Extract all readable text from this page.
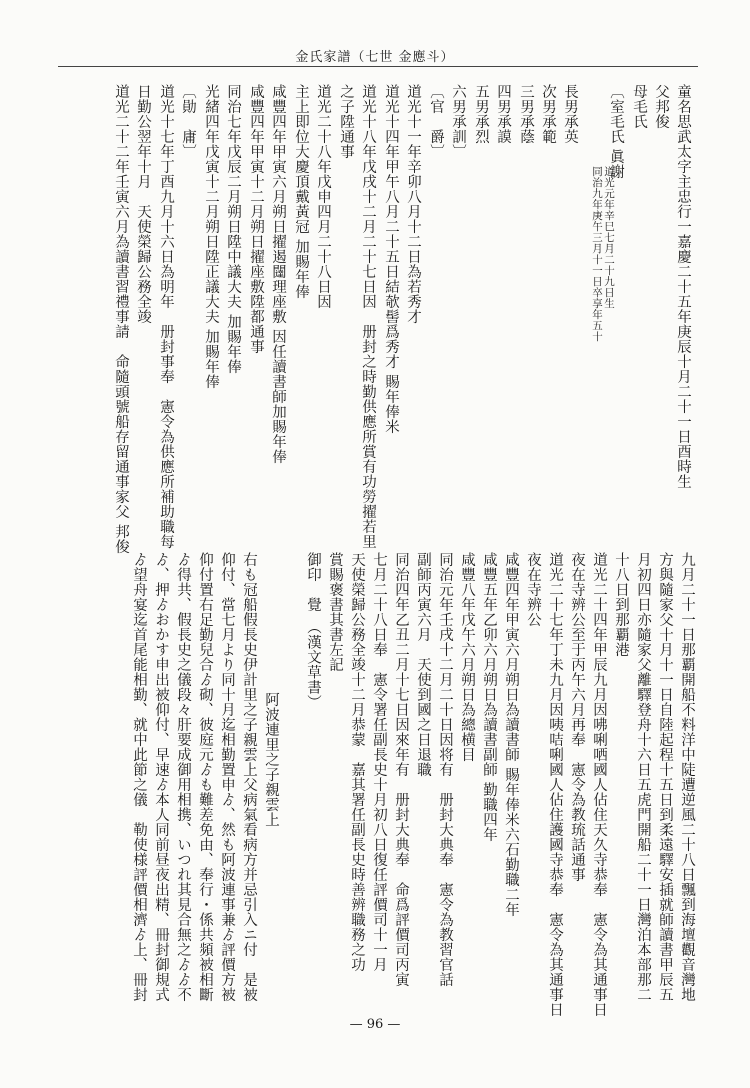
金氏家譜（七世 金應斗）
童名思武太字主忠行一嘉慶二十五年庚辰十月二十一日酉時生
父邦俊
母毛氏
〔室毛氏 眞謝
道光元年辛巳七月二十九日生
同治九年庚午三月十一日卒享年五十
長男承英
次男承範
三男承蔭
四男承謨
五男承烈
六男承訓〕
〔官　爵〕
道光十一年辛卯八月十二日為若秀才
道光十四年甲午八月二十五日結欹髻爲秀才 賜年俸米
道光十八年戊戌十二月二十七日因　册封之時勤供應所賞有功勞擢若里
之子陞通事
道光二十八年戊申四月二十八日因
主上即位大慶頂戴黃冠 加賜年俸
咸豐四年甲寅六月朔日擢遏闥理座敷 因任讀書師加賜年俸
咸豐四年甲寅十二月朔日擢座敷陞都通事
同治七年戊辰二月朔日陞中議大夫 加賜年俸
光緒四年戊寅十二月朔日陞正議大夫 加賜年俸
〔勛　庸〕
道光十七年丁酉九月十六日為明年　册封事奉　憲令為供應所補助職每
日勤公翌年十月　天使榮歸公務全竣
道光二十二年壬寅六月為讀書習禮事請　命隨頭號船存留通事家父 邦俊
九月二十一日那覇開船不料洋中陡遭逆風二十八日飄到海壇觀音灣地
方與隨家父十月十一日自陸起程十五日到柔遠驛安插就師讀書甲辰五
月初四日亦隨家父離驛登舟十六日五虎門開船二十一日灣泊本部那二
十八日到那覇港
道光二十四年甲辰九月因咈唎哂國人佔住天久寺恭奉　憲令為其通事日
夜在寺辨公至于丙午六月再奉　憲令為教琉話通事
道光二十七年丁未九月因咦咭唎國人佔住護國寺恭奉　憲令為其通事日
夜在寺辨公
咸豐四年甲寅六月朔日為讀書師 賜年俸米六石勤職二年
咸豐五年乙卯六月朔日為讀書副師 勤職四年
咸豐八年戊午六月朔日為總横目
同治元年壬戌十二月二十日因将有　册封大典奉　憲令為教習官話
副師丙寅六月　天使到國之日退職
同治四年乙丑二月十七日因來年有　册封大典奉　命爲評價司丙寅
七月二十八日奉　憲令署任副長史十月初八日復任評價司十一月
天使榮歸公務全竣十二月恭蒙　嘉其署任副長史時善辨職務之功
賞賜褒書其書左記
御印　覺　（漢文草書）
阿波連里之子親雲上
右も冠船假長史伊計里之子親雲上父病氣看病方并忌引入ニ付　是被
仰付、當七月より同十月迄相勤置申ゟ、然も阿波連事兼ゟ評價方被
仰付置右足勤兒合ゟ砌、彼庭元ゟも難差免由、奉行・係共頻被相斷
ゟ得共、假長史之儀段々肝要成御用相携、いつれ其見合無之ゟゟ不
ゟ、押ゟおかす申出被仰付、早速ゟ本人同前昼夜出精、冊封御規式
ゟ望舟宴迄首尾能相勤、就中此節之儀　勒使様評價相濟ゟ上、冊封
— 96 —
